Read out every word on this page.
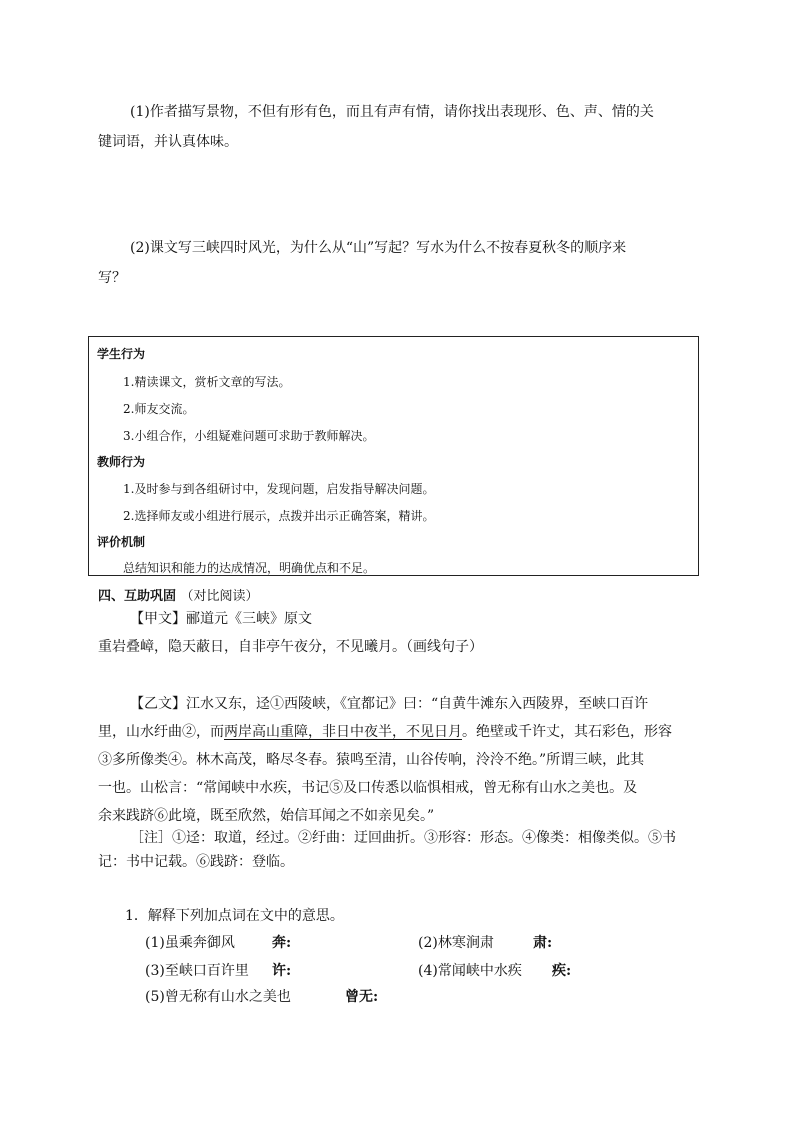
(1)作者描写景物，不但有形有色，而且有声有情，请你找出表现形、色、声、情的关
键词语，并认真体味。
(2)课文写三峡四时风光，为什么从“山”写起？写水为什么不按春夏秋冬的顺序来
写？
学生行为
1.精读课文，赏析文章的写法。
2.师友交流。
3.小组合作，小组疑难问题可求助于教师解决。
教师行为
1.及时参与到各组研讨中，发现问题，启发指导解决问题。
2.选择师友或小组进行展示，点拨并出示正确答案，精讲。
评价机制
总结知识和能力的达成情况，明确优点和不足。
四、互助巩固 （对比阅读）
【甲文】郦道元《三峡》原文
重岩叠嶂，隐天蔽日，自非亭午夜分，不见曦月。（画线句子）
【乙文】江水又东，迳①西陵峡，《宜都记》曰：“自黄牛滩东入西陵界，至峡口百许
里，山水纡曲②，而两岸高山重障，非日中夜半，不见日月。绝壁或千许丈，其石彩色，形容
③多所像类④。林木高茂，略尽冬春。猿鸣至清，山谷传响，泠泠不绝。”所谓三峡，此其
一也。山松言：“常闻峡中水疾，书记⑤及口传悉以临惧相戒，曾无称有山水之美也。及
余来践跻⑥此境，既至欣然，始信耳闻之不如亲见矣。”
［注］①迳：取道，经过。②纡曲：迂回曲折。③形容：形态。④像类：相像类似。⑤书
记：书中记载。⑥践跻：登临。
1．解释下列加点词在文中的意思。
(1)虽乘奔御风	奔:	(2)林寒涧肃	肃:
(3)至峡口百许里 许:	(4)常闻峡中水疾 疾:
(5)曾无称有山水之美也	曾无:
